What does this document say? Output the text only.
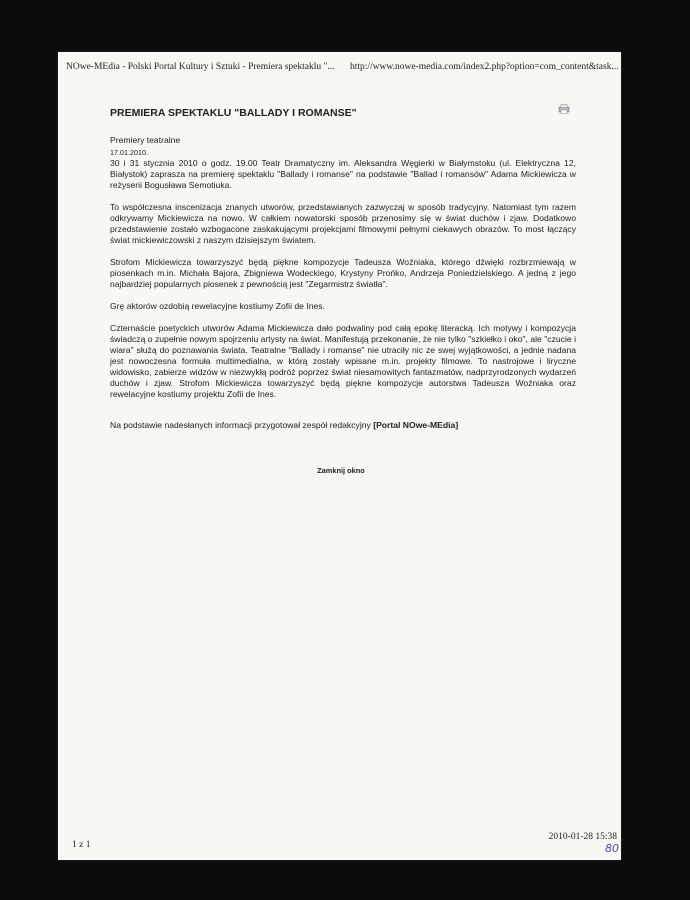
NOwe-MEdia - Polski Portal Kultury i Sztuki - Premiera spektaklu "... http://www.nowe-media.com/index2.php?option=com_content&task...
PREMIERA SPEKTAKLU "BALLADY I ROMANSE"
Premiery teatralne
17.01.2010.

30 i 31 stycznia 2010 o godz. 19.00 Teatr Dramatyczny im. Aleksandra Węgierki w Białymstoku (ul. Elektryczna 12, Białystok) zaprasza na premierę spektaklu "Ballady i romanse" na podstawie "Ballad i romansów" Adama Mickiewicza w reżyserii Bogusława Semotiuka.

To współczesna inscenizacja znanych utworów, przedstawianych zazwyczaj w sposób tradycyjny. Natomiast tym razem odkrywamy Mickiewicza na nowo. W całkiem nowatorski sposób przenosimy się w świat duchów i zjaw. Dodatkowo przedstawienie zostało wzbogacone zaskakującymi projekcjami filmowymi pełnymi ciekawych obrazów. To most łączący świat mickiewiczowski z naszym dzisiejszym światem.

Strofom Mickiewicza towarzyszyć będą piękne kompozycje Tadeusza Woźniaka, którego dźwięki rozbrzmiewają w piosenkach m.in. Michała Bajora, Zbigniewa Wodeckiego, Krystyny Prońko, Andrzeja Poniedzielskiego. A jedną z jego najbardziej popularnych piosenek z pewnością jest "Zegarmistrz światła".

Grę aktorów ozdobią rewelacyjne kostiumy Zofii de Ines.

Czternaście poetyckich utworów Adama Mickiewicza dało podwaliny pod całą epokę literacką. Ich motywy i kompozycja świadczą o zupełnie nowym spojrzeniu artysty na świat. Manifestują przekonanie, że nie tylko "szkiełko i oko", ale "czucie i wiara" służą do poznawania świata. Teatralne "Ballady i romanse" nie utraciły nic ze swej wyjątkowości, a jednie nadana jest nowoczesna formuła multimedialna, w którą zostały wpisane m.in. projekty filmowe. To nastrojowe i liryczne widowisko, zabierze widzów w niezwykłą podróż poprzez świat niesamowitych fantazmatów, nadprzyrodzonych wydarzeń duchów i zjaw. Strofom Mickiewicza towarzyszyć będą piękne kompozycje autorstwa Tadeusza Woźniaka oraz rewelacyjne kostiumy projektu Zofii de Ines.

Na podstawie nadesłanych informacji przygotował zespół redakcyjny [Portal NOwe-MEdia]
Zamknij okno
1 z 1
2010-01-28 15:38
80
